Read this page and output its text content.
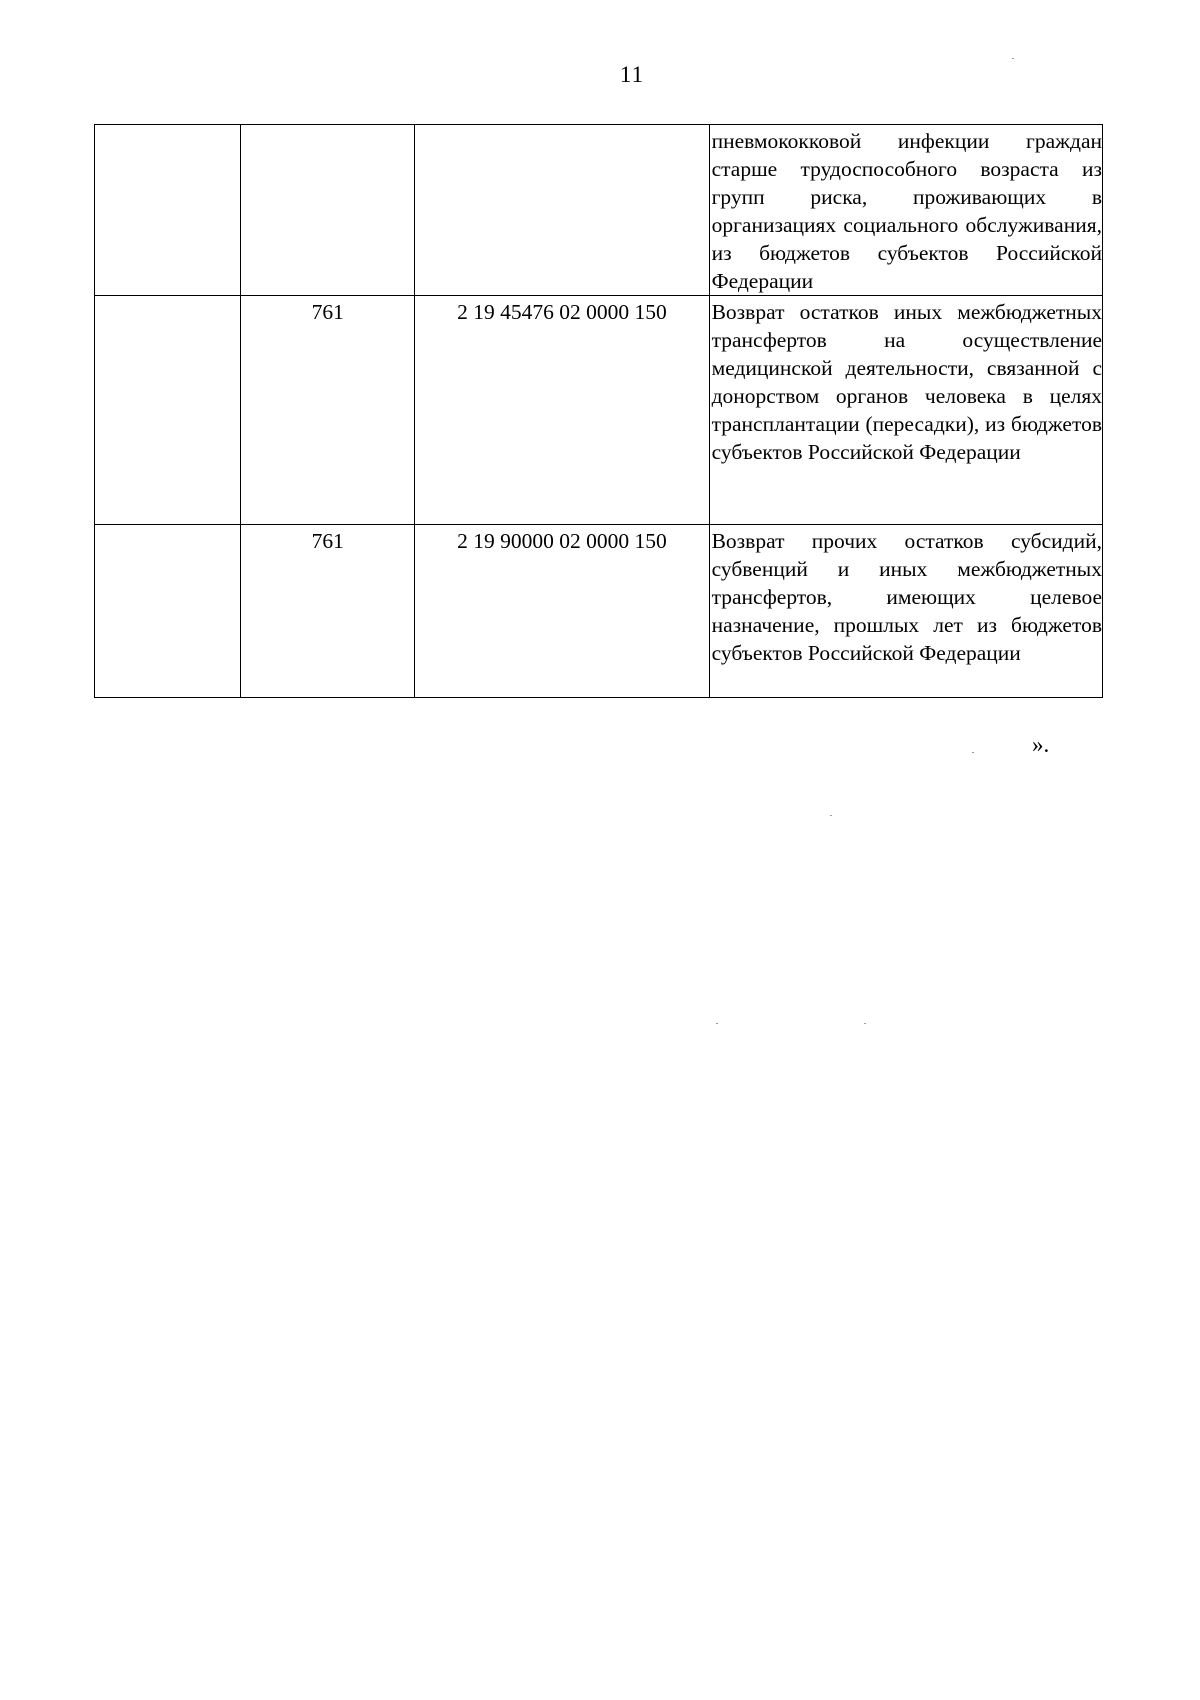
11
			пневмококковой инфекции граждан старше трудоспособного возраста из групп риска, проживающих в организациях социального обслуживания, из бюджетов субъектов Российской Федерации
	761	2 19 45476 02 0000 150	Возврат остатков иных межбюджетных трансфертов на осуществление медицинской деятельности, связанной с донорством органов человека в целях трансплантации (пересадки), из бюджетов субъектов Российской Федерации
	761	2 19 90000 02 0000 150	Возврат прочих остатков субсидий, субвенций и иных межбюджетных трансфертов, имеющих целевое назначение, прошлых лет из бюджетов субъектов Российской Федерации
».
